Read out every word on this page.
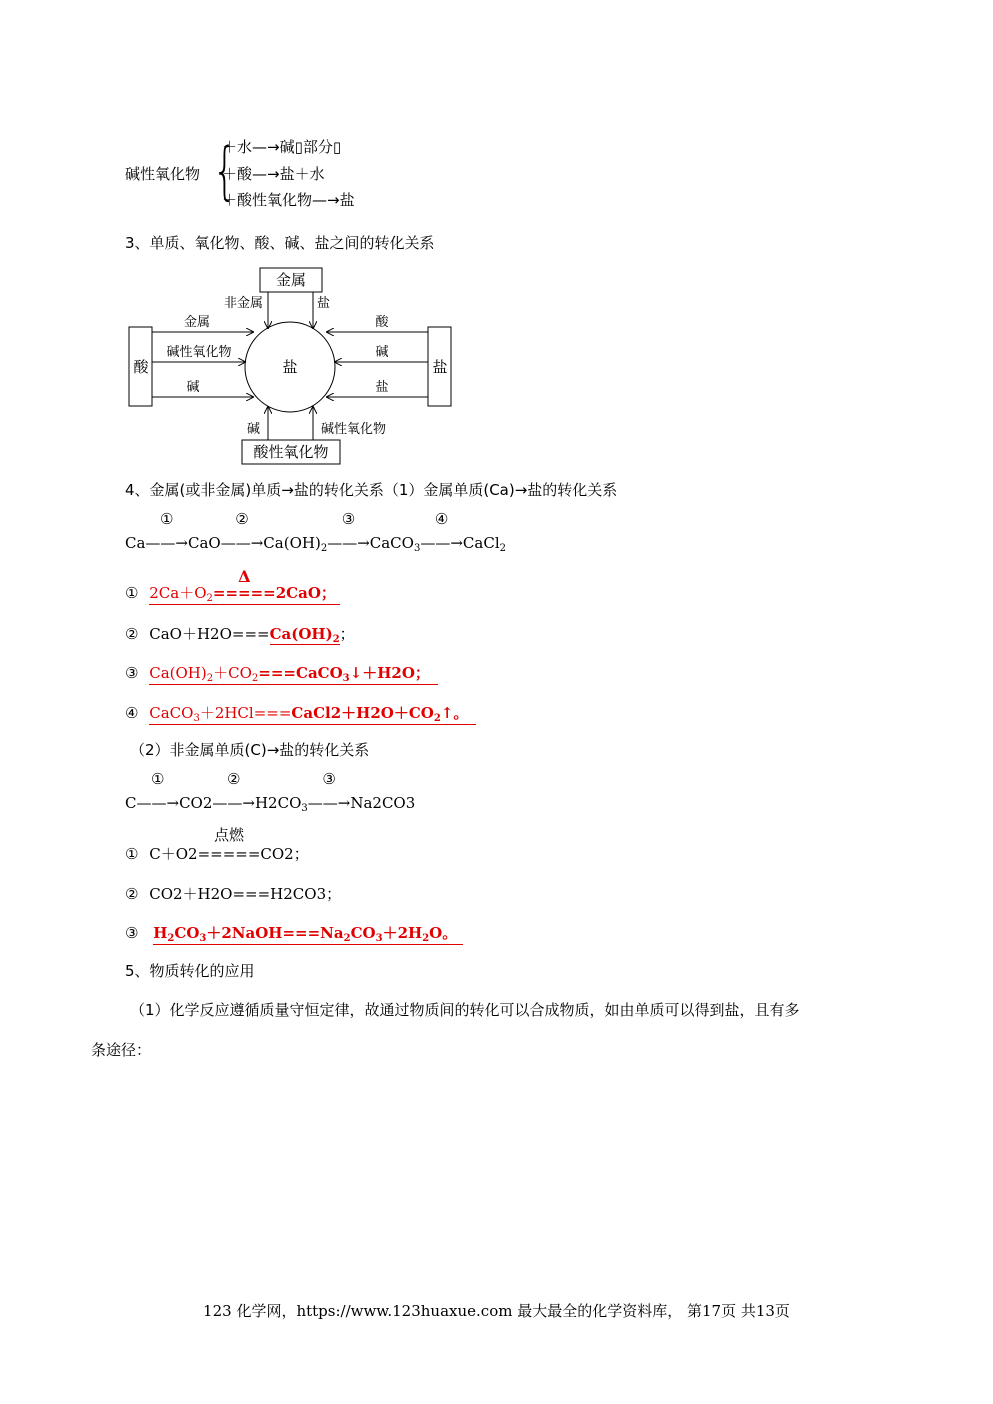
碱性氧化物 {
＋水—→碱▯部分▯
＋酸—→盐＋水
＋酸性氧化物—→盐
3、单质、氧化物、酸、碱、盐之间的转化关系
金属
酸性氧化物
酸	盐
盐
非金属	盐
碱	碱性氧化物
金属
碱性氧化物
碱
酸
碱
盐
4、金属(或非金属)单质→盐的转化关系（1）金属单质(Ca)→盐的转化关系
Ca——→
①
CaO——→
②
$Ca(OH)_2——\to$
③
CaCO$_3$——→
④
CaCl$_2$
① $2Ca+O_2=====$
Δ
2CaO；
② $CaO+H2O===Ca(OH)_2$；
③ $Ca(OH)_2+CO_2===CaCO_3↓+H2O$；
④ $CaCO_3+2HCl===CaCl2+H2O+CO_2↑$。
（2）非金属单质(C)→盐的转化关系
C——→
①
CO2——→
②
$H2CO_3——\to$
③
Na2CO3
① C＋O2=====
点燃
CO2；
② CO2＋H2O===H2CO3；
③ $H_2CO_3+2NaOH===Na_2CO_3+2H_2O$。
5、物质转化的应用
（1）化学反应遵循质量守恒定律，故通过物质间的转化可以合成物质，如由单质可以得到盐，且有多
条途径：
123 化学网，https://www.123huaxue.com 最大最全的化学资料库， 第17页 共13页
